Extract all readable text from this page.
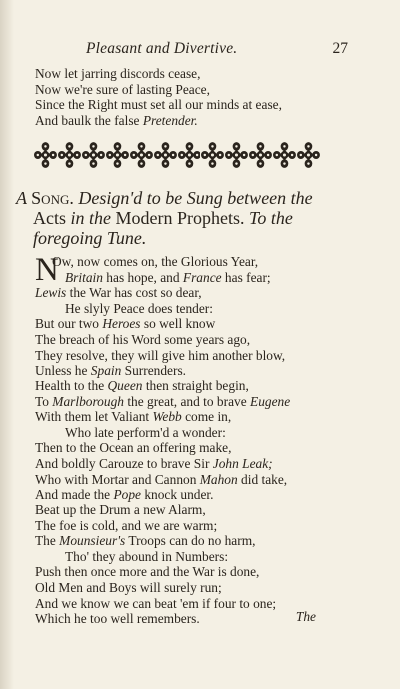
Pleasant and Divertive.	27
Now let jarring discords cease,
Now we're sure of lasting Peace,
Since the Right must set all our minds at ease,
And baulk the false Pretender.
A Song. Design'd to be Sung between the
Acts in the Modern Prophets. To the
foregoing Tune.
N
Ow, now comes on, the Glorious Year,
Britain has hope, and France has fear;
Lewis the War has cost so dear,
He slyly Peace does tender:
But our two Heroes so well know
The breach of his Word some years ago,
They resolve, they will give him another blow,
Unless he Spain Surrenders.
Health to the Queen then straight begin,
To Marlborough the great, and to brave Eugene
With them let Valiant Webb come in,
Who late perform'd a wonder:
Then to the Ocean an offering make,
And boldly Carouze to brave Sir John Leak;
Who with Mortar and Cannon Mahon did take,
And made the Pope knock under.
Beat up the Drum a new Alarm,
The foe is cold, and we are warm;
The Mounsieur's Troops can do no harm,
Tho' they abound in Numbers:
Push then once more and the War is done,
Old Men and Boys will surely run;
And we know we can beat 'em if four to one;
Which he too well remembers.	The
